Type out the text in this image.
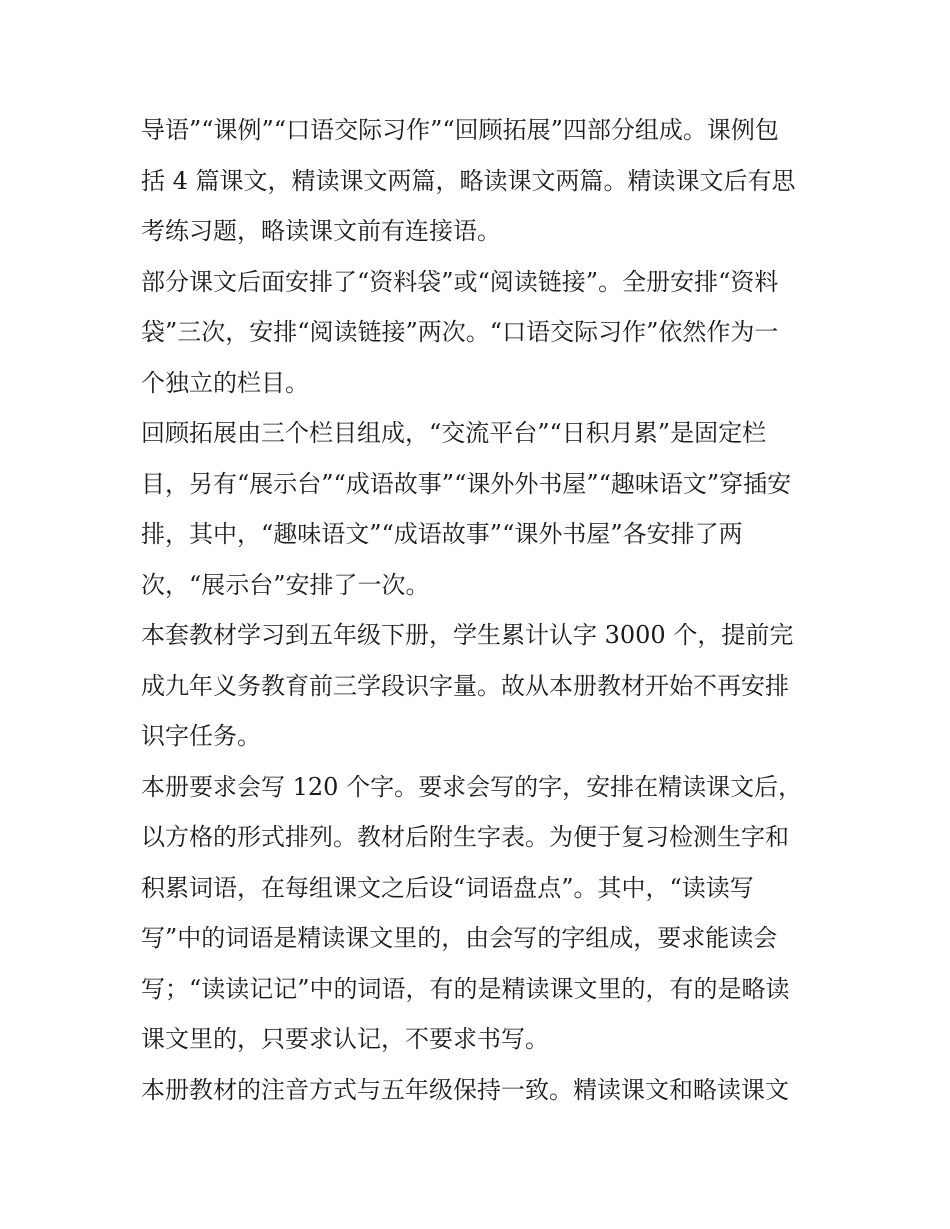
导语”“课例”“口语交际习作”“回顾拓展”四部分组成。课例包
括 4 篇课文，精读课文两篇，略读课文两篇。精读课文后有思
考练习题，略读课文前有连接语。

部分课文后面安排了“资料袋”或“阅读链接”。全册安排“资料
袋”三次，安排“阅读链接”两次。“口语交际习作”依然作为一
个独立的栏目。

回顾拓展由三个栏目组成，“交流平台”“日积月累”是固定栏
目，另有“展示台”“成语故事”“课外外书屋”“趣味语文”穿插安
排，其中，“趣味语文”“成语故事”“课外书屋”各安排了两
次，“展示台”安排了一次。

本套教材学习到五年级下册，学生累计认字 3000 个，提前完
成九年义务教育前三学段识字量。故从本册教材开始不再安排
识字任务。

本册要求会写 120 个字。要求会写的字，安排在精读课文后，
以方格的形式排列。教材后附生字表。为便于复习检测生字和
积累词语，在每组课文之后设“词语盘点”。其中，“读读写
写”中的词语是精读课文里的，由会写的字组成，要求能读会
写；“读读记记”中的词语，有的是精读课文里的，有的是略读
课文里的，只要求认记，不要求书写。

本册教材的注音方式与五年级保持一致。精读课文和略读课文
